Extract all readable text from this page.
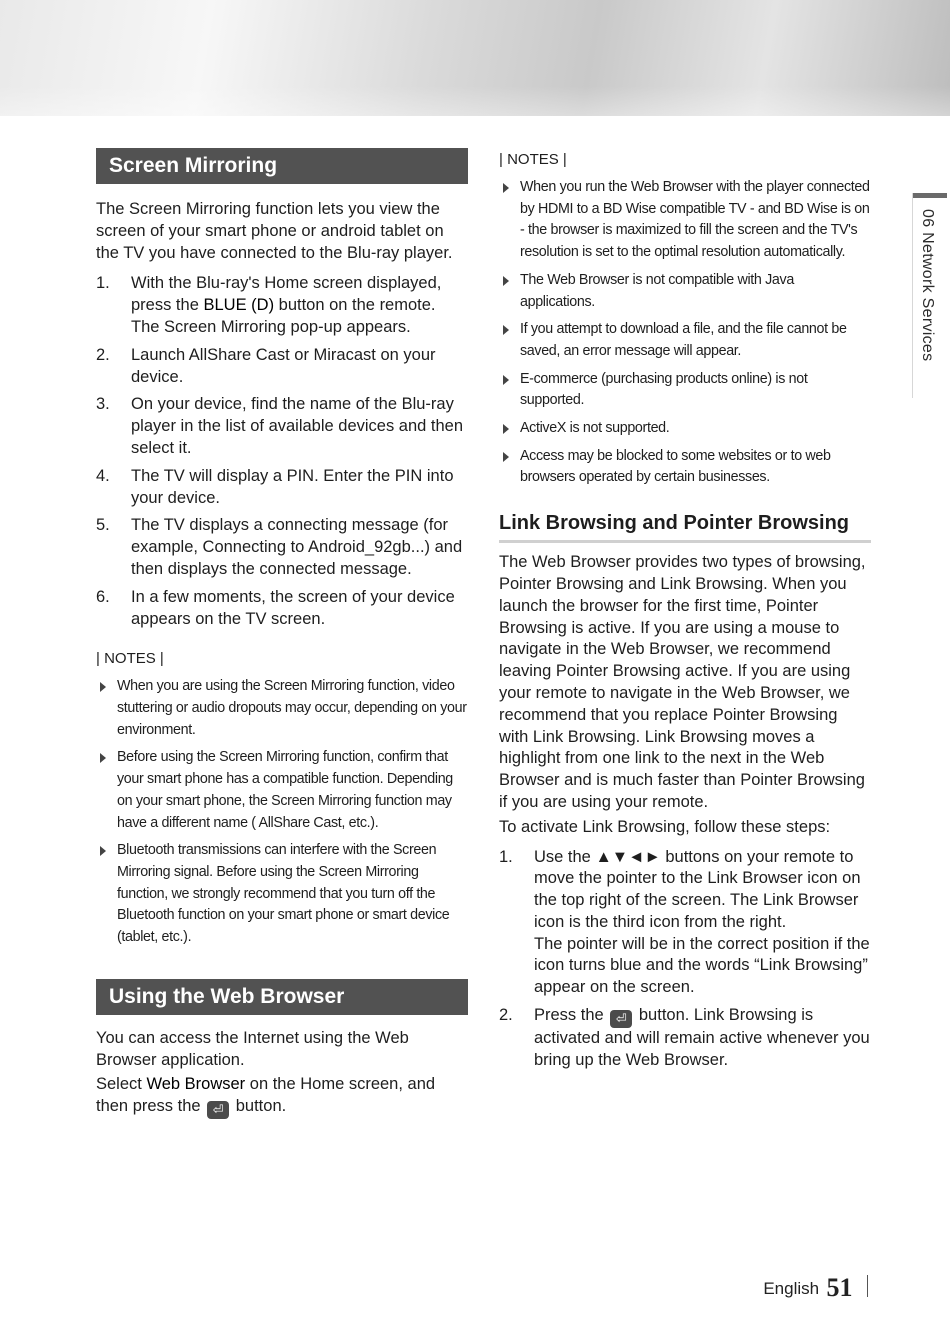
Screen Mirroring

The Screen Mirroring function lets you view the screen of your smart phone or android tablet on the TV you have connected to the Blu-ray player.

1. With the Blu-ray's Home screen displayed, press the BLUE (D) button on the remote. The Screen Mirroring pop-up appears.
2. Launch AllShare Cast or Miracast on your device.
3. On your device, find the name of the Blu-ray player in the list of available devices and then select it.
4. The TV will display a PIN. Enter the PIN into your device.
5. The TV displays a connecting message (for example, Connecting to Android_92gb...) and then displays the connected message.
6. In a few moments, the screen of your device appears on the TV screen.

| NOTES |

When you are using the Screen Mirroring function, video stuttering or audio dropouts may occur, depending on your environment.
Before using the Screen Mirroring function, confirm that your smart phone has a compatible function. Depending on your smart phone, the Screen Mirroring function may have a different name ( AllShare Cast, etc.).
Bluetooth transmissions can interfere with the Screen Mirroring signal. Before using the Screen Mirroring function, we strongly recommend that you turn off the Bluetooth function on your smart phone or smart device (tablet, etc.).
Using the Web Browser

You can access the Internet using the Web Browser application.

Select Web Browser on the Home screen, and then press the ⏎ button.

| NOTES |

When you run the Web Browser with the player connected by HDMI to a BD Wise compatible TV - and BD Wise is on - the browser is maximized to fill the screen and the TV's resolution is set to the optimal resolution automatically.
The Web Browser is not compatible with Java applications.
If you attempt to download a file, and the file cannot be saved, an error message will appear.
E-commerce (purchasing products online) is not supported.
ActiveX is not supported.
Access may be blocked to some websites or to web browsers operated by certain businesses.
Link Browsing and Pointer Browsing

The Web Browser provides two types of browsing, Pointer Browsing and Link Browsing. When you launch the browser for the first time, Pointer Browsing is active. If you are using a mouse to navigate in the Web Browser, we recommend leaving Pointer Browsing active. If you are using your remote to navigate in the Web Browser, we recommend that you replace Pointer Browsing with Link Browsing. Link Browsing moves a highlight from one link to the next in the Web Browser and is much faster than Pointer Browsing if you are using your remote.

To activate Link Browsing, follow these steps:

1. Use the ▲▼◄► buttons on your remote to move the pointer to the Link Browser icon on the top right of the screen. The Link Browser icon is the third icon from the right.
The pointer will be in the correct position if the icon turns blue and the words “Link Browsing” appear on the screen.
2. Press the ⏎ button. Link Browsing is activated and will remain active whenever you bring up the Web Browser.
06 Network Services
English 51
